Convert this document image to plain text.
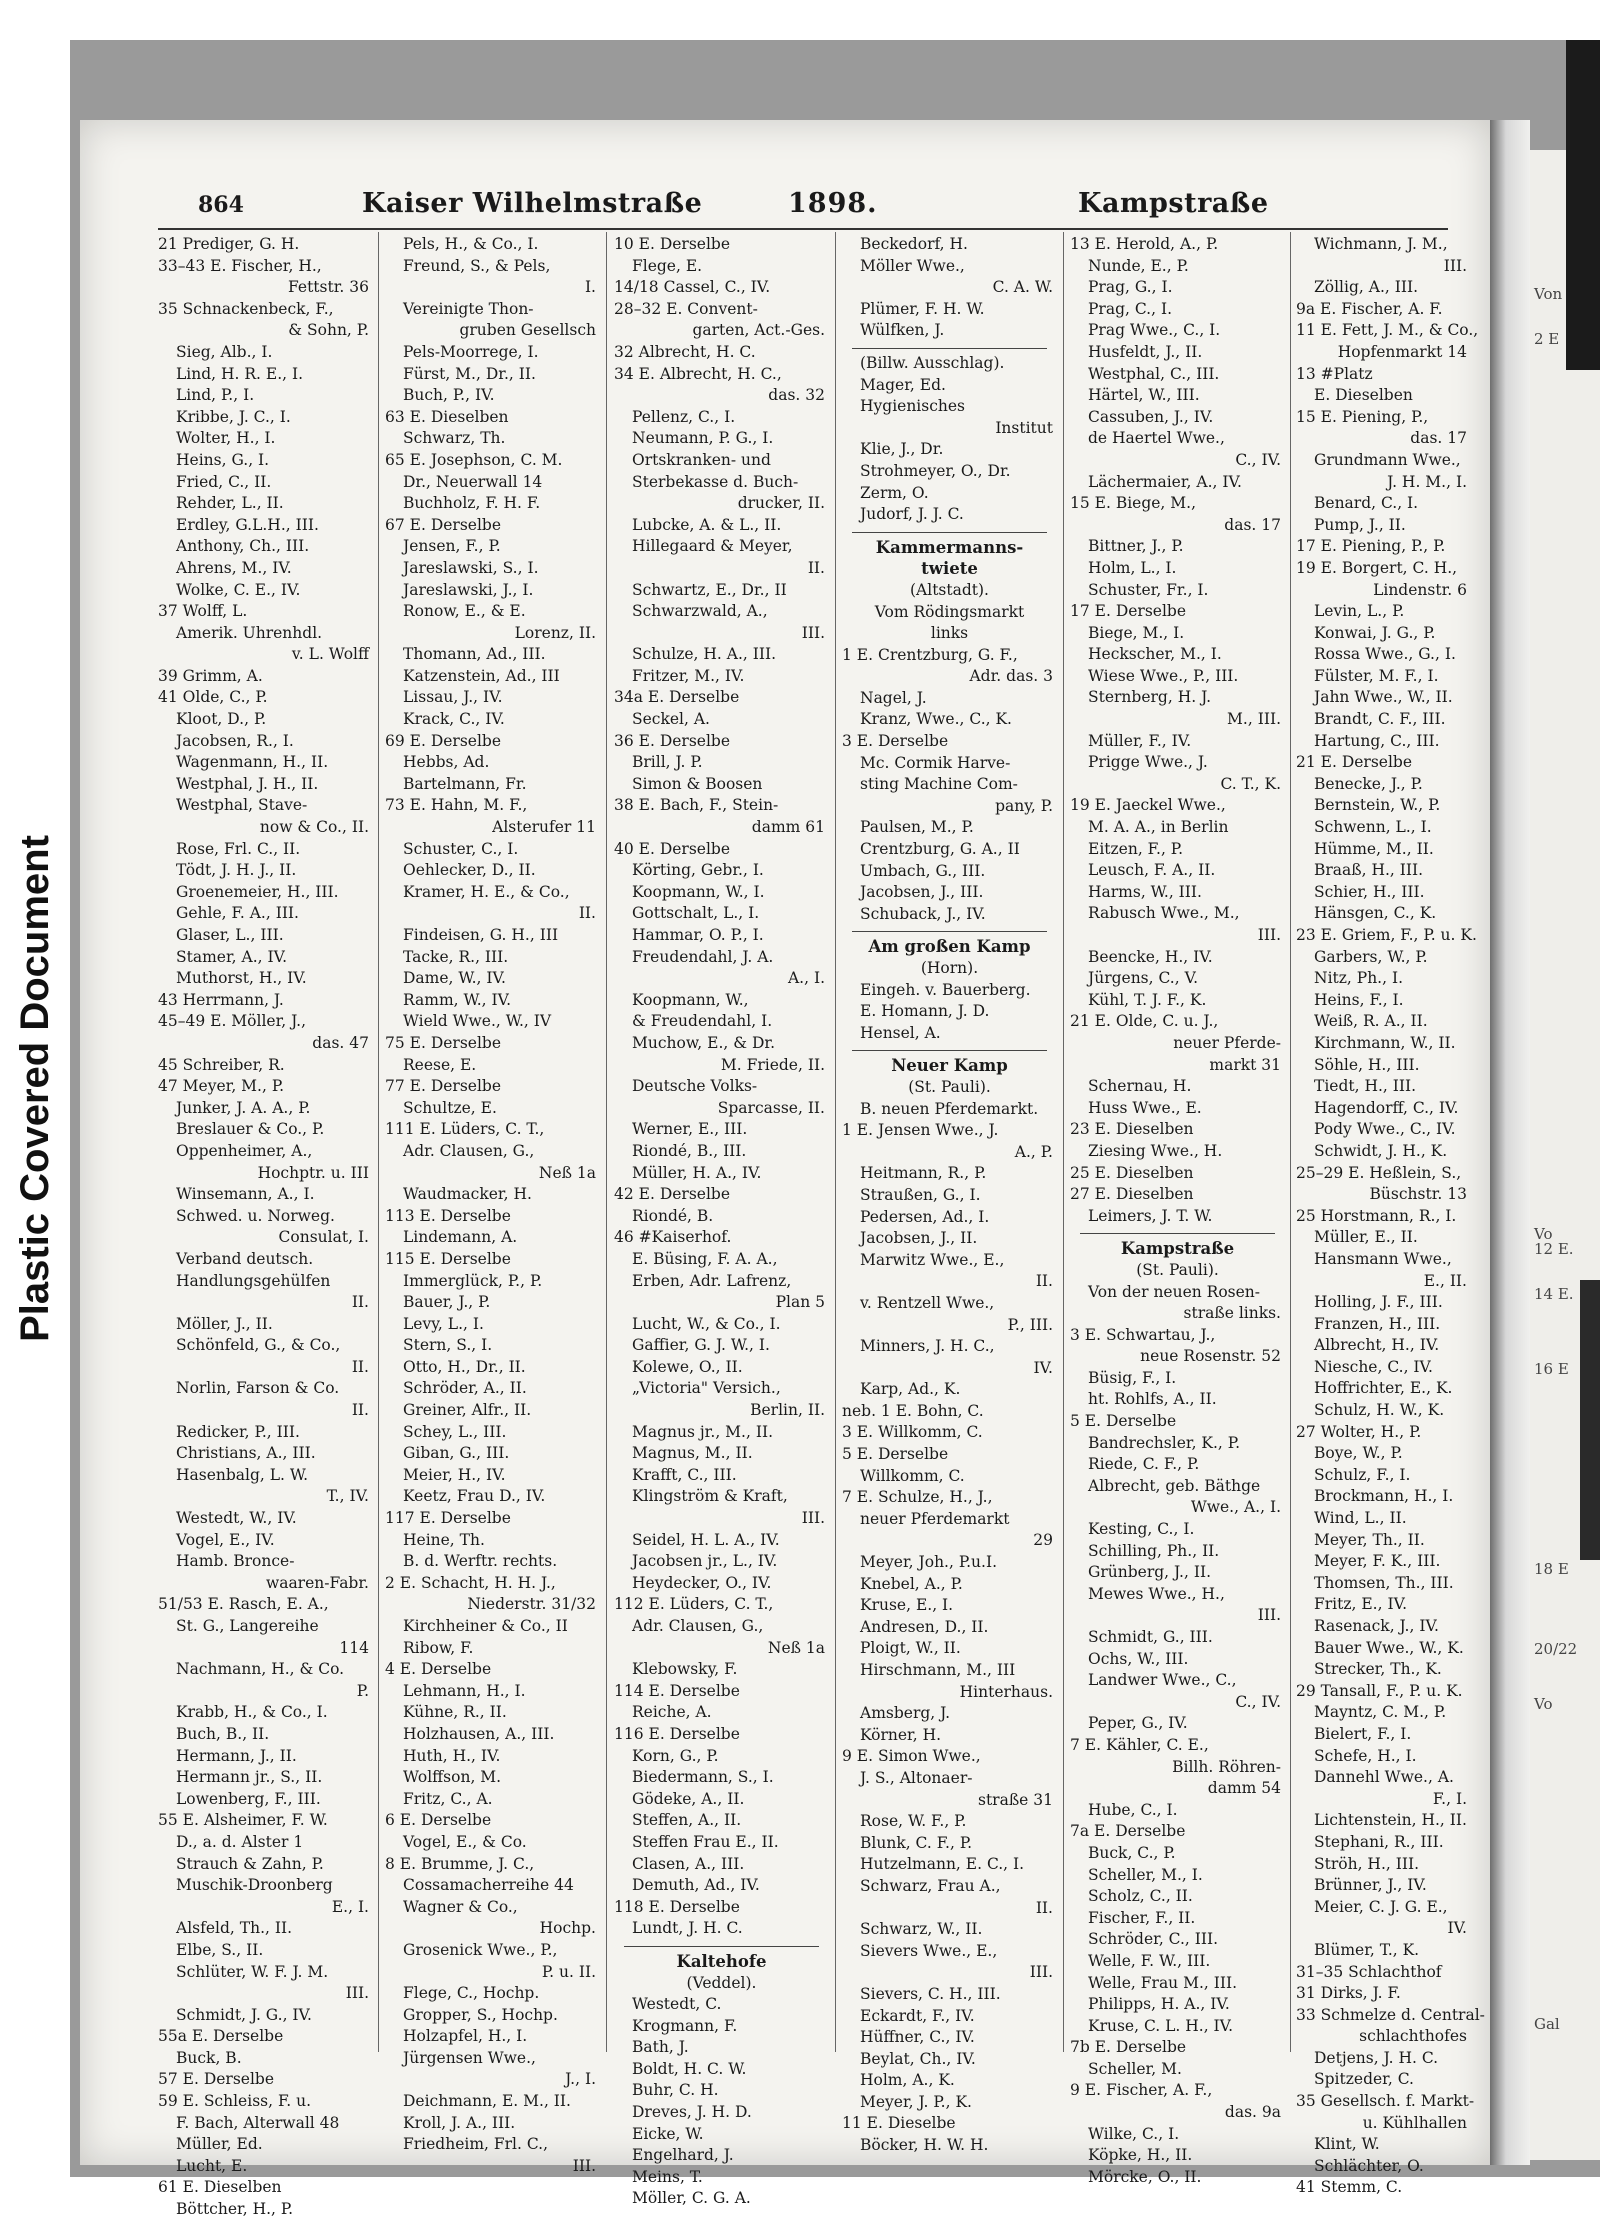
Plastic Covered Document
Von
2 E
Vo
12 E.
14 E.
16 E
18 E
20/22
Vo
Gal
864	Kaiser Wilhelmstraße	1898.	Kampstraße
21 Prediger, G. H.
33–43 E. Fischer, H.,
Fettstr. 36
35 Schnackenbeck, F.,
& Sohn, P.
Sieg, Alb., I.
Lind, H. R. E., I.
Lind, P., I.
Kribbe, J. C., I.
Wolter, H., I.
Heins, G., I.
Fried, C., II.
Rehder, L., II.
Erdley, G.L.H., III.
Anthony, Ch., III.
Ahrens, M., IV.
Wolke, C. E., IV.
37 Wolff, L.
Amerik. Uhrenhdl.
v. L. Wolff
39 Grimm, A.
41 Olde, C., P.
Kloot, D., P.
Jacobsen, R., I.
Wagenmann, H., II.
Westphal, J. H., II.
Westphal, Stave-
now & Co., II.
Rose, Frl. C., II.
Tödt, J. H. J., II.
Groenemeier, H., III.
Gehle, F. A., III.
Glaser, L., III.
Stamer, A., IV.
Muthorst, H., IV.
43 Herrmann, J.
45–49 E. Möller, J.,
das. 47
45 Schreiber, R.
47 Meyer, M., P.
Junker, J. A. A., P.
Breslauer & Co., P.
Oppenheimer, A.,
Hochptr. u. III
Winsemann, A., I.
Schwed. u. Norweg.
Consulat, I.
Verband deutsch.
Handlungsgehülfen
II.
Möller, J., II.
Schönfeld, G., & Co.,
II.
Norlin, Farson & Co.
II.
Redicker, P., III.
Christians, A., III.
Hasenbalg, L. W.
T., IV.
Westedt, W., IV.
Vogel, E., IV.
Hamb. Bronce-
waaren-Fabr.
51/53 E. Rasch, E. A.,
St. G., Langereihe
114
Nachmann, H., & Co.
P.
Krabb, H., & Co., I.
Buch, B., II.
Hermann, J., II.
Hermann jr., S., II.
Lowenberg, F., III.
55 E. Alsheimer, F. W.
D., a. d. Alster 1
Strauch & Zahn, P.
Muschik-Droonberg
E., I.
Alsfeld, Th., II.
Elbe, S., II.
Schlüter, W. F. J. M.
III.
Schmidt, J. G., IV.
55a E. Derselbe
Buck, B.
57 E. Derselbe
59 E. Schleiss, F. u.
F. Bach, Alterwall 48
Müller, Ed.
Lucht, E.
61 E. Dieselben
Böttcher, H., P.
Pels, H., & Co., I.
Freund, S., & Pels,
I.
Vereinigte Thon-
gruben Gesellsch
Pels-Moorrege, I.
Fürst, M., Dr., II.
Buch, P., IV.
63 E. Dieselben
Schwarz, Th.
65 E. Josephson, C. M.
Dr., Neuerwall 14
Buchholz, F. H. F.
67 E. Derselbe
Jensen, F., P.
Jareslawski, S., I.
Jareslawski, J., I.
Ronow, E., & E.
Lorenz, II.
Thomann, Ad., III.
Katzenstein, Ad., III
Lissau, J., IV.
Krack, C., IV.
69 E. Derselbe
Hebbs, Ad.
Bartelmann, Fr.
73 E. Hahn, M. F.,
Alsterufer 11
Schuster, C., I.
Oehlecker, D., II.
Kramer, H. E., & Co.,
II.
Findeisen, G. H., III
Tacke, R., III.
Dame, W., IV.
Ramm, W., IV.
Wield Wwe., W., IV
75 E. Derselbe
Reese, E.
77 E. Derselbe
Schultze, E.
111 E. Lüders, C. T.,
Adr. Clausen, G.,
Neß 1a
Waudmacker, H.
113 E. Derselbe
Lindemann, A.
115 E. Derselbe
Immerglück, P., P.
Bauer, J., P.
Levy, L., I.
Stern, S., I.
Otto, H., Dr., II.
Schröder, A., II.
Greiner, Alfr., II.
Schey, L., III.
Giban, G., III.
Meier, H., IV.
Keetz, Frau D., IV.
117 E. Derselbe
Heine, Th.
B. d. Werftr. rechts.
2 E. Schacht, H. H. J.,
Niederstr. 31/32
Kirchheiner & Co., II
Ribow, F.
4 E. Derselbe
Lehmann, H., I.
Kühne, R., II.
Holzhausen, A., III.
Huth, H., IV.
Wolffson, M.
Fritz, C., A.
6 E. Derselbe
Vogel, E., & Co.
8 E. Brumme, J. C.,
Cossamacherreihe 44
Wagner & Co.,
Hochp.
Grosenick Wwe., P.,
P. u. II.
Flege, C., Hochp.
Gropper, S., Hochp.
Holzapfel, H., I.
Jürgensen Wwe.,
J., I.
Deichmann, E. M., II.
Kroll, J. A., III.
Friedheim, Frl. C.,
III.
10 E. Derselbe
Flege, E.
14/18 Cassel, C., IV.
28–32 E. Convent-
garten, Act.-Ges.
32 Albrecht, H. C.
34 E. Albrecht, H. C.,
das. 32
Pellenz, C., I.
Neumann, P. G., I.
Ortskranken- und
Sterbekasse d. Buch-
drucker, II.
Lubcke, A. & L., II.
Hillegaard & Meyer,
II.
Schwartz, E., Dr., II
Schwarzwald, A.,
III.
Schulze, H. A., III.
Fritzer, M., IV.
34a E. Derselbe
Seckel, A.
36 E. Derselbe
Brill, J. P.
Simon & Boosen
38 E. Bach, F., Stein-
damm 61
40 E. Derselbe
Körting, Gebr., I.
Koopmann, W., I.
Gottschalt, L., I.
Hammar, O. P., I.
Freudendahl, J. A.
A., I.
Koopmann, W.,
& Freudendahl, I.
Muchow, E., & Dr.
M. Friede, II.
Deutsche Volks-
Sparcasse, II.
Werner, E., III.
Riondé, B., III.
Müller, H. A., IV.
42 E. Derselbe
Riondé, B.
46 #Kaiserhof.
E. Büsing, F. A. A.,
Erben, Adr. Lafrenz,
Plan 5
Lucht, W., & Co., I.
Gaffier, G. J. W., I.
Kolewe, O., II.
„Victoria" Versich.,
Berlin, II.
Magnus jr., M., II.
Magnus, M., II.
Krafft, C., III.
Klingström & Kraft,
III.
Seidel, H. L. A., IV.
Jacobsen jr., L., IV.
Heydecker, O., IV.
112 E. Lüders, C. T.,
Adr. Clausen, G.,
Neß 1a
Klebowsky, F.
114 E. Derselbe
Reiche, A.
116 E. Derselbe
Korn, G., P.
Biedermann, S., I.
Gödeke, A., II.
Steffen, A., II.
Steffen Frau E., II.
Clasen, A., III.
Demuth, Ad., IV.
118 E. Derselbe
Lundt, J. H. C.
Kaltehofe
(Veddel).
Westedt, C.
Krogmann, F.
Bath, J.
Boldt, H. C. W.
Buhr, C. H.
Dreves, J. H. D.
Eicke, W.
Engelhard, J.
Meins, T.
Möller, C. G. A.
Beckedorf, H.
Möller Wwe.,
C. A. W.
Plümer, F. H. W.
Wülfken, J.
(Billw. Ausschlag).
Mager, Ed.
Hygienisches
Institut
Klie, J., Dr.
Strohmeyer, O., Dr.
Zerm, O.
Judorf, J. J. C.
Kammermanns-
twiete
(Altstadt).
Vom Rödingsmarkt
links
1 E. Crentzburg, G. F.,
Adr. das. 3
Nagel, J.
Kranz, Wwe., C., K.
3 E. Derselbe
Mc. Cormik Harve-
sting Machine Com-
pany, P.
Paulsen, M., P.
Crentzburg, G. A., II
Umbach, G., III.
Jacobsen, J., III.
Schuback, J., IV.
Am großen Kamp
(Horn).
Eingeh. v. Bauerberg.
E. Homann, J. D.
Hensel, A.
Neuer Kamp
(St. Pauli).
B. neuen Pferdemarkt.
1 E. Jensen Wwe., J.
A., P.
Heitmann, R., P.
Straußen, G., I.
Pedersen, Ad., I.
Jacobsen, J., II.
Marwitz Wwe., E.,
II.
v. Rentzell Wwe.,
P., III.
Minners, J. H. C.,
IV.
Karp, Ad., K.
neb. 1 E. Bohn, C.
3 E. Willkomm, C.
5 E. Derselbe
Willkomm, C.
7 E. Schulze, H., J.,
neuer Pferdemarkt
29
Meyer, Joh., P.u.I.
Knebel, A., P.
Kruse, E., I.
Andresen, D., II.
Ploigt, W., II.
Hirschmann, M., III
Hinterhaus.
Amsberg, J.
Körner, H.
9 E. Simon Wwe.,
J. S., Altonaer-
straße 31
Rose, W. F., P.
Blunk, C. F., P.
Hutzelmann, E. C., I.
Schwarz, Frau A.,
II.
Schwarz, W., II.
Sievers Wwe., E.,
III.
Sievers, C. H., III.
Eckardt, F., IV.
Hüffner, C., IV.
Beylat, Ch., IV.
Holm, A., K.
Meyer, J. P., K.
11 E. Dieselbe
Böcker, H. W. H.
13 E. Herold, A., P.
Nunde, E., P.
Prag, G., I.
Prag, C., I.
Prag Wwe., C., I.
Husfeldt, J., II.
Westphal, C., III.
Härtel, W., III.
Cassuben, J., IV.
de Haertel Wwe.,
C., IV.
Lächermaier, A., IV.
15 E. Biege, M.,
das. 17
Bittner, J., P.
Holm, L., I.
Schuster, Fr., I.
17 E. Derselbe
Biege, M., I.
Heckscher, M., I.
Wiese Wwe., P., III.
Sternberg, H. J.
M., III.
Müller, F., IV.
Prigge Wwe., J.
C. T., K.
19 E. Jaeckel Wwe.,
M. A. A., in Berlin
Eitzen, F., P.
Leusch, F. A., II.
Harms, W., III.
Rabusch Wwe., M.,
III.
Beencke, H., IV.
Jürgens, C., V.
Kühl, T. J. F., K.
21 E. Olde, C. u. J.,
neuer Pferde-
markt 31
Schernau, H.
Huss Wwe., E.
23 E. Dieselben
Ziesing Wwe., H.
25 E. Dieselben
27 E. Dieselben
Leimers, J. T. W.
Kampstraße
(St. Pauli).
Von der neuen Rosen-
straße links.
3 E. Schwartau, J.,
neue Rosenstr. 52
Büsig, F., I.
ht. Rohlfs, A., II.
5 E. Derselbe
Bandrechsler, K., P.
Riede, C. F., P.
Albrecht, geb. Bäthge
Wwe., A., I.
Kesting, C., I.
Schilling, Ph., II.
Grünberg, J., II.
Mewes Wwe., H.,
III.
Schmidt, G., III.
Ochs, W., III.
Landwer Wwe., C.,
C., IV.
Peper, G., IV.
7 E. Kähler, C. E.,
Billh. Röhren-
damm 54
Hube, C., I.
7a E. Derselbe
Buck, C., P.
Scheller, M., I.
Scholz, C., II.
Fischer, F., II.
Schröder, C., III.
Welle, F. W., III.
Welle, Frau M., III.
Philipps, H. A., IV.
Kruse, C. L. H., IV.
7b E. Derselbe
Scheller, M.
9 E. Fischer, A. F.,
das. 9a
Wilke, C., I.
Köpke, H., II.
Mörcke, O., II.
Wichmann, J. M.,
III.
Zöllig, A., III.
9a E. Fischer, A. F.
11 E. Fett, J. M., & Co.,
Hopfenmarkt 14
13 #Platz
E. Dieselben
15 E. Piening, P.,
das. 17
Grundmann Wwe.,
J. H. M., I.
Benard, C., I.
Pump, J., II.
17 E. Piening, P., P.
19 E. Borgert, C. H.,
Lindenstr. 6
Levin, L., P.
Konwai, J. G., P.
Rossa Wwe., G., I.
Fülster, M. F., I.
Jahn Wwe., W., II.
Brandt, C. F., III.
Hartung, C., III.
21 E. Derselbe
Benecke, J., P.
Bernstein, W., P.
Schwenn, L., I.
Hümme, M., II.
Braaß, H., III.
Schier, H., III.
Hänsgen, C., K.
23 E. Griem, F., P. u. K.
Garbers, W., P.
Nitz, Ph., I.
Heins, F., I.
Weiß, R. A., II.
Kirchmann, W., II.
Söhle, H., III.
Tiedt, H., III.
Hagendorff, C., IV.
Pody Wwe., C., IV.
Schwidt, J. H., K.
25–29 E. Heßlein, S.,
Büschstr. 13
25 Horstmann, R., I.
Müller, E., II.
Hansmann Wwe.,
E., II.
Holling, J. F., III.
Franzen, H., III.
Albrecht, H., IV.
Niesche, C., IV.
Hoffrichter, E., K.
Schulz, H. W., K.
27 Wolter, H., P.
Boye, W., P.
Schulz, F., I.
Brockmann, H., I.
Wind, L., II.
Meyer, Th., II.
Meyer, F. K., III.
Thomsen, Th., III.
Fritz, E., IV.
Rasenack, J., IV.
Bauer Wwe., W., K.
Strecker, Th., K.
29 Tansall, F., P. u. K.
Mayntz, C. M., P.
Bielert, F., I.
Schefe, H., I.
Dannehl Wwe., A.
F., I.
Lichtenstein, H., II.
Stephani, R., III.
Ströh, H., III.
Brünner, J., IV.
Meier, C. J. G. E.,
IV.
Blümer, T., K.
31–35 Schlachthof
31 Dirks, J. F.
33 Schmelze d. Central-
schlachthofes
Detjens, J. H. C.
Spitzeder, C.
35 Gesellsch. f. Markt-
u. Kühlhallen
Klint, W.
Schlächter, O.
41 Stemm, C.
